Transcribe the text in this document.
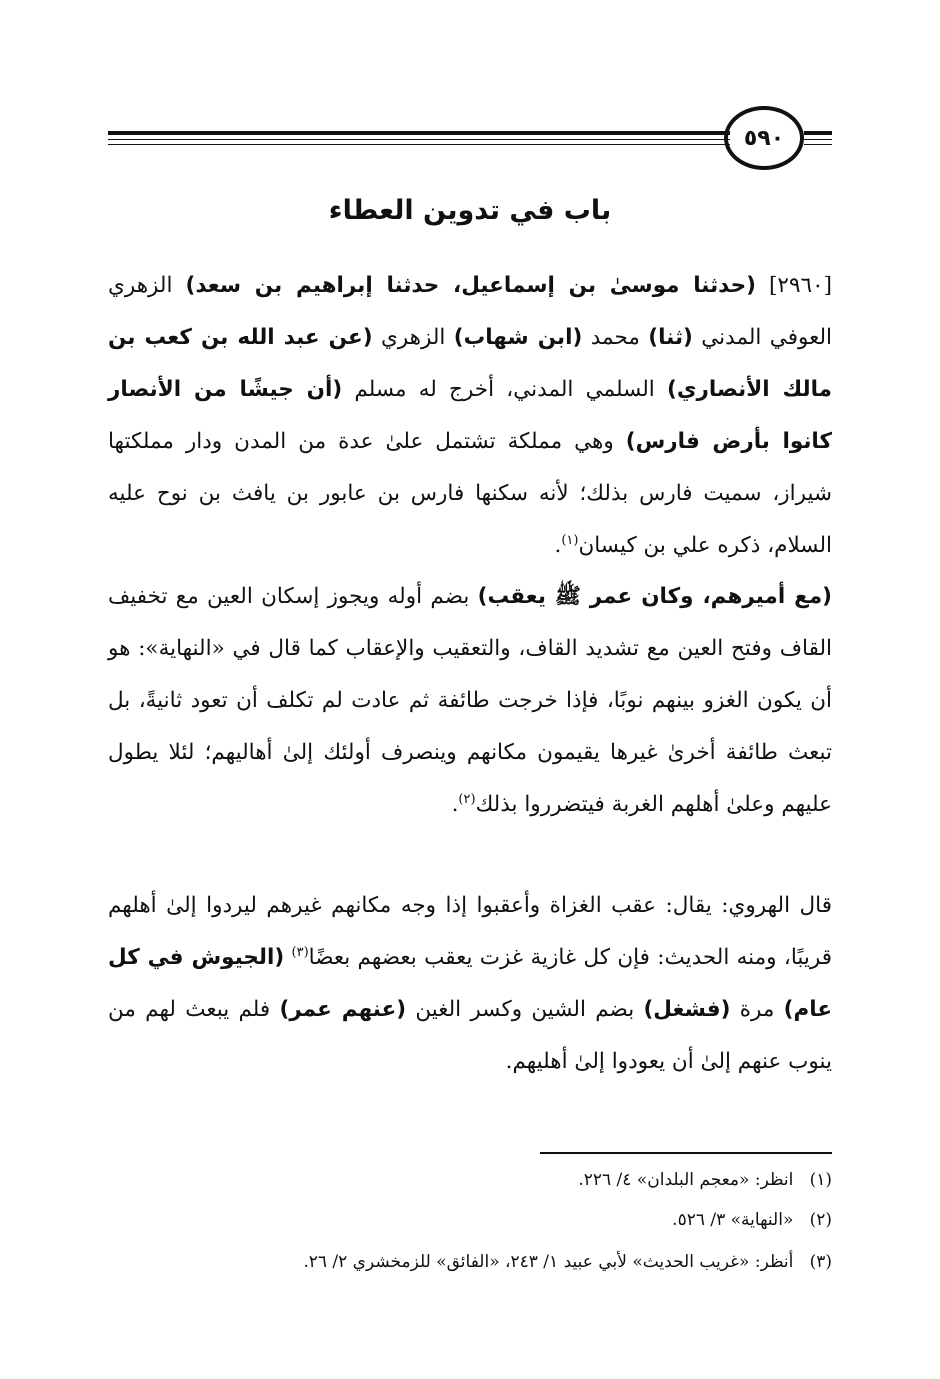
٥٩٠
باب في تدوين العطاء
[٢٩٦٠] (حدثنا موسىٰ بن إسماعيل، حدثنا إبراهيم بن سعد) الزهري العوفي المدني (ثنا) محمد (ابن شهاب) الزهري (عن عبد الله بن كعب بن مالك الأنصاري) السلمي المدني، أخرج له مسلم (أن جيشًا من الأنصار كانوا بأرض فارس) وهي مملكة تشتمل علىٰ عدة من المدن ودار مملكتها شيراز، سميت فارس بذلك؛ لأنه سكنها فارس بن عابور بن يافث بن نوح عليه السلام، ذكره علي بن كيسان$^{(١)}$.
(مع أميرهم، وكان عمر ﷺ يعقب) بضم أوله ويجوز إسكان العين مع تخفيف القاف وفتح العين مع تشديد القاف، والتعقيب والإعقاب كما قال في «النهاية»: هو أن يكون الغزو بينهم نوبًا، فإذا خرجت طائفة ثم عادت لم تكلف أن تعود ثانيةً، بل تبعث طائفة أخرىٰ غيرها يقيمون مكانهم وينصرف أولئك إلىٰ أهاليهم؛ لئلا يطول عليهم وعلىٰ أهلهم الغربة فيتضرروا بذلك$^{(٢)}$.
قال الهروي: يقال: عقب الغزاة وأعقبوا إذا وجه مكانهم غيرهم ليردوا إلىٰ أهلهم قريبًا، ومنه الحديث: فإن كل غازية غزت يعقب بعضهم بعضًا$^{(٣)}$ (الجيوش في كل عام) مرة (فشغل) بضم الشين وكسر الغين (عنهم عمر) فلم يبعث لهم من ينوب عنهم إلىٰ أن يعودوا إلىٰ أهليهم.
(١)   انظر: «معجم البلدان» ٤/ ٢٢٦.
(٢)   «النهاية» ٣/ ٥٢٦.
(٣)   أنظر: «غريب الحديث» لأبي عبيد ١/ ٢٤٣، «الفائق» للزمخشري ٢/ ٢٦.
